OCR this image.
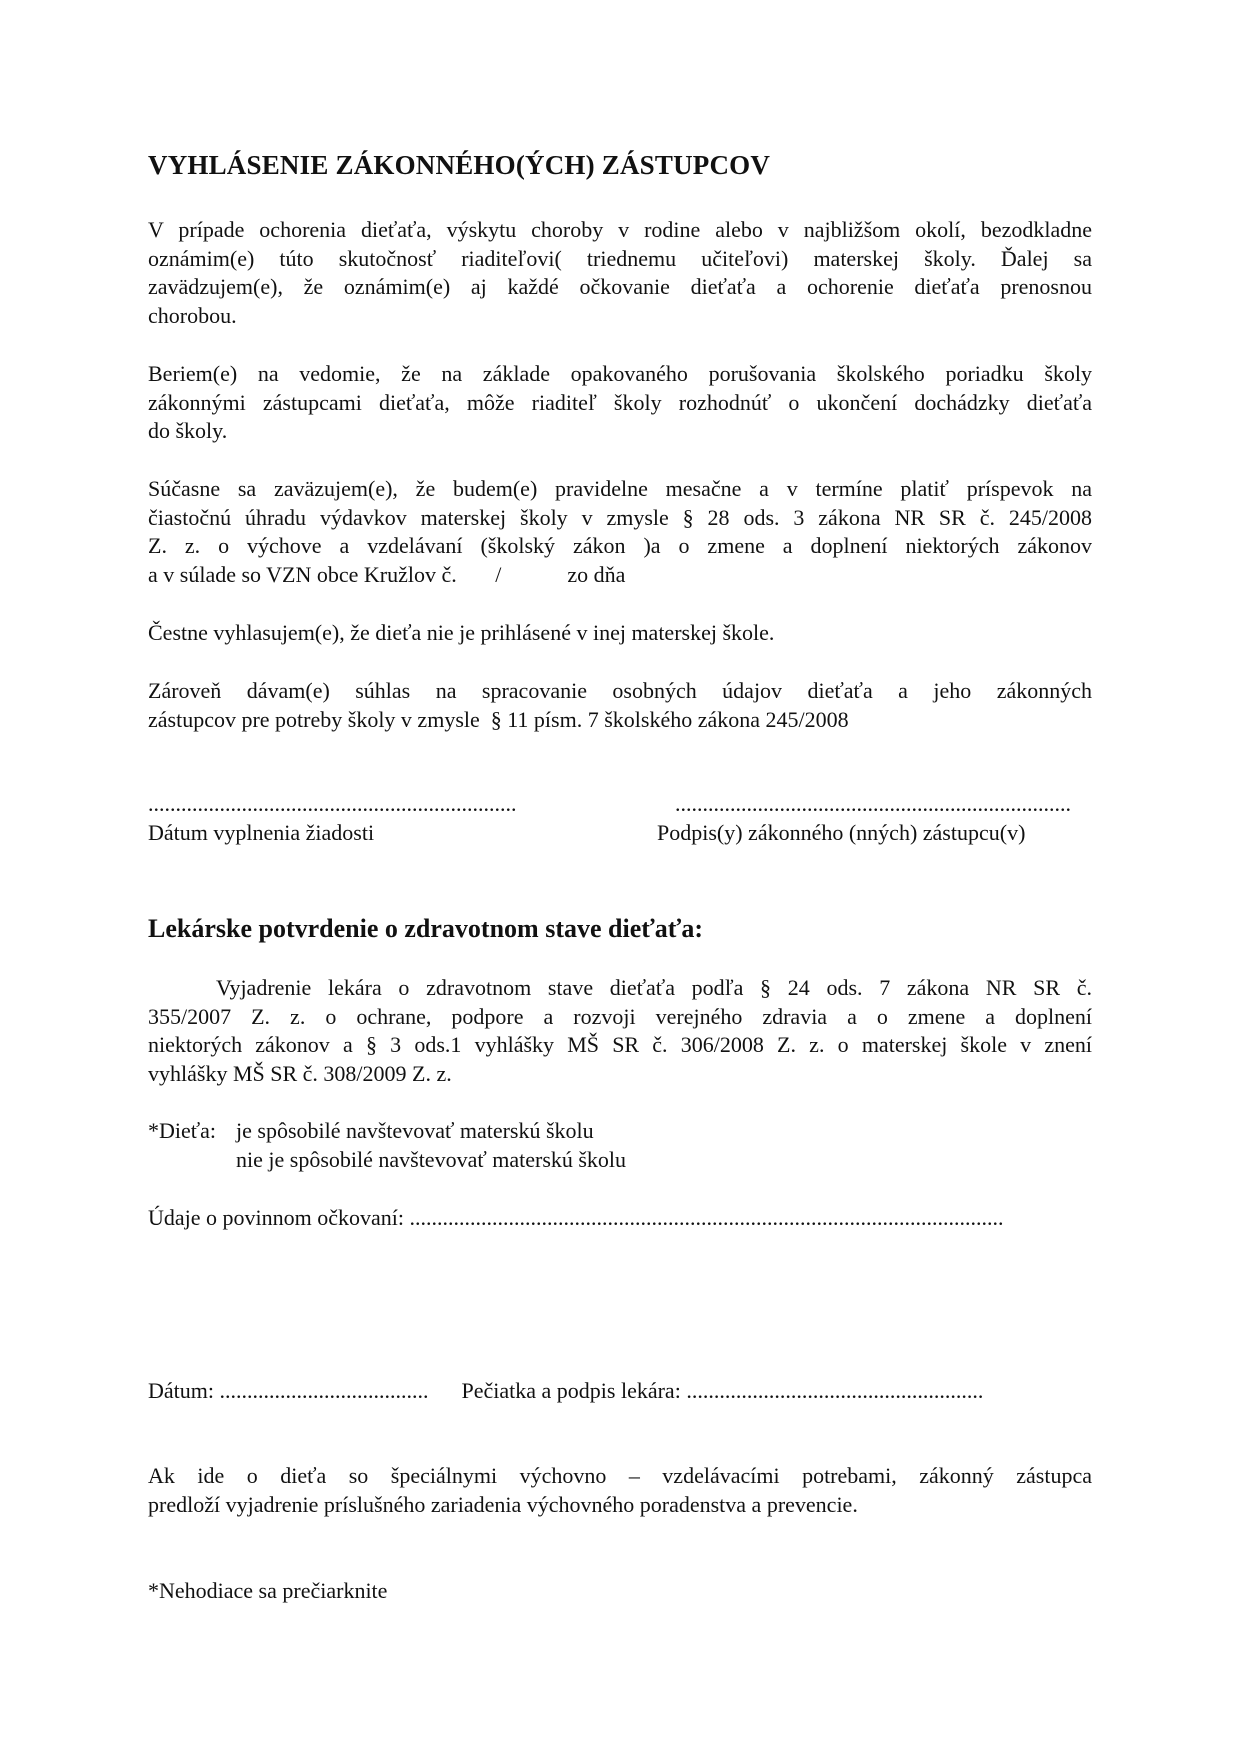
VYHLÁSENIE ZÁKONNÉHO(ÝCH) ZÁSTUPCOV
V prípade ochorenia dieťaťa, výskytu choroby v rodine alebo v najbližšom okolí, bezodkladne
oznámim(e) túto skutočnosť riaditeľovi( triednemu učiteľovi) materskej školy. Ďalej sa
zavädzujem(e), že oznámim(e) aj každé očkovanie dieťaťa a ochorenie dieťaťa prenosnou
chorobou.
Beriem(e) na vedomie, že na základe opakovaného porušovania školského poriadku školy
zákonnými zástupcami dieťaťa, môže riaditeľ školy rozhodnúť o ukončení dochádzky dieťaťa
do školy.
Súčasne sa zaväzujem(e), že budem(e) pravidelne mesačne a v termíne platiť príspevok na
čiastočnú úhradu výdavkov materskej školy v zmysle § 28 ods. 3 zákona NR SR č. 245/2008
Z. z. o výchove a vzdelávaní (školský zákon )a o zmene a doplnení niektorých zákonov
a v súlade so VZN obce Kružlov č.       /            zo dňa
Čestne vyhlasujem(e), že dieťa nie je prihlásené v inej materskej škole.
Zároveň dávam(e) súhlas na spracovanie osobných údajov dieťaťa a jeho zákonných
zástupcov pre potreby školy v zmysle  § 11 písm. 7 školského zákona 245/2008
...................................................................
Dátum vyplnenia žiadosti
........................................................................
Podpis(y) zákonného (nných) zástupcu(v)
Lekárske potvrdenie o zdravotnom stave dieťaťa:
Vyjadrenie lekára o zdravotnom stave dieťaťa podľa § 24 ods. 7 zákona NR SR č.
355/2007 Z. z. o ochrane, podpore a rozvoji verejného zdravia a o zmene a doplnení
niektorých zákonov a § 3 ods.1 vyhlášky MŠ SR č. 306/2008 Z. z. o materskej škole v znení
vyhlášky MŠ SR č. 308/2009 Z. z.
*Dieťa: je spôsobilé navštevovať materskú školu
nie je spôsobilé navštevovať materskú školu
Údaje o povinnom očkovaní: ............................................................................................................
Dátum: ...................................... Pečiatka a podpis lekára: ......................................................
Ak ide o dieťa so špeciálnymi výchovno – vzdelávacími potrebami, zákonný zástupca
predloží vyjadrenie príslušného zariadenia výchovného poradenstva a prevencie.
*Nehodiace sa prečiarknite
